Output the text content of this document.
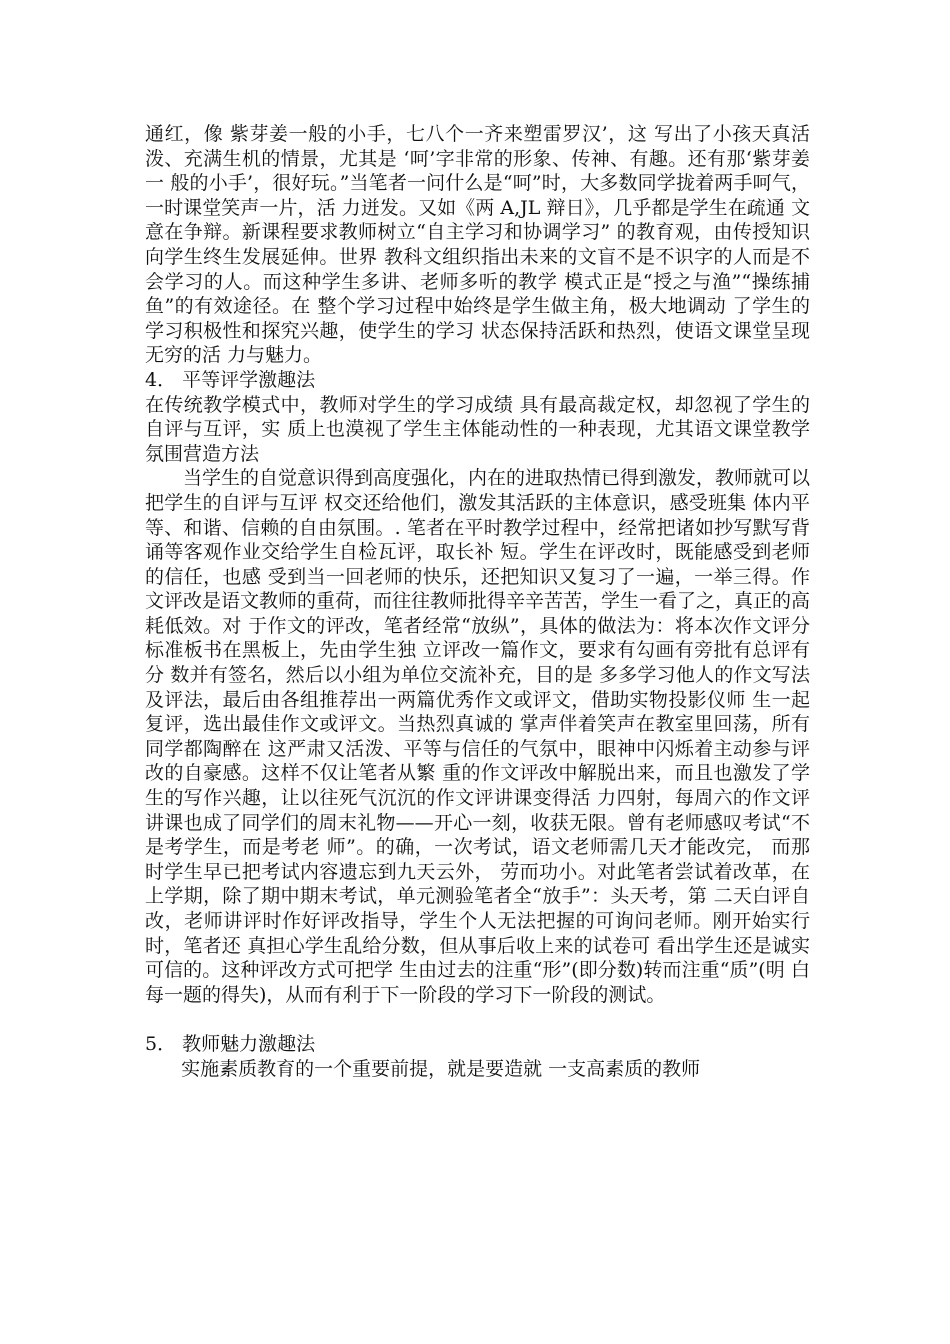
通红，像 紫芽姜一般的小手，七八个一齐来塑雷罗汉’，这 写出了小孩天真活泼、充满生机的情景，尤其是 ‘呵’字非常的形象、传神、有趣。还有那‘紫芽姜一 般的小手’，很好玩。”当笔者一问什么是“呵”时，大多数同学拢着两手呵气，一时课堂笑声一片，活 力迸发。又如《两 A,JL 辩日》，几乎都是学生在疏通 文意在争辩。新课程要求教师树立“自主学习和协调学习” 的教育观，由传授知识向学生终生发展延伸。世界 教科文组织指出未来的文盲不是不识字的人而是不会学习的人。而这种学生多讲、老师多听的教学 模式正是“授之与渔”“操练捕鱼”的有效途径。在 整个学习过程中始终是学生做主角，极大地调动 了学生的学习积极性和探究兴趣，使学生的学习 状态保持活跃和热烈，使语文课堂呈现无穷的活 力与魅力。

4． 平等评学激趣法

在传统教学模式中，教师对学生的学习成绩 具有最高裁定权，却忽视了学生的自评与互评，实 质上也漠视了学生主体能动性的一种表现，尤其语文课堂教学氛围营造方法

当学生的自觉意识得到高度强化，内在的进取热情已得到激发，教师就可以把学生的自评与互评 权交还给他们，激发其活跃的主体意识，感受班集 体内平等、和谐、信赖的自由氛围。. 笔者在平时教学过程中，经常把诸如抄写默写背诵等客观作业交给学生自检瓦评，取长补 短。学生在评改时，既能感受到老师的信任，也感 受到当一回老师的快乐，还把知识又复习了一遍，一举三得。作文评改是语文教师的重荷，而往往教师批得辛辛苦苦，学生一看了之，真正的高耗低效。对 于作文的评改，笔者经常“放纵”，具体的做法为：将本次作文评分标准板书在黑板上，先由学生独 立评改一篇作文，要求有勾画有旁批有总评有分 数并有签名，然后以小组为单位交流补充，目的是 多多学习他人的作文写法及评法，最后由各组推荐出一两篇优秀作文或评文，借助实物投影仪师 生一起复评，选出最佳作文或评文。当热烈真诚的 掌声伴着笑声在教室里回荡，所有同学都陶醉在 这严肃又活泼、平等与信任的气氛中，眼神中闪烁着主动参与评改的自豪感。这样不仅让笔者从繁 重的作文评改中解脱出来，而且也激发了学生的写作兴趣，让以往死气沉沉的作文评讲课变得活 力四射，每周六的作文评讲课也成了同学们的周末礼物——开心一刻，收获无限。曾有老师感叹考试“不是考学生，而是考老 师”。的确，一次考试，语文老师需几天才能改完， 而那时学生早已把考试内容遗忘到九天云外， 劳而功小。对此笔者尝试着改革，在上学期，除了期中期末考试，单元测验笔者全“放手”：头天考，第 二天白评自改，老师讲评时作好评改指导，学生个人无法把握的可询问老师。刚开始实行时，笔者还 真担心学生乱给分数，但从事后收上来的试卷可 看出学生还是诚实可信的。这种评改方式可把学 生由过去的注重“形”(即分数)转而注重“质”(明 白每一题的得失)，从而有利于下一阶段的学习下一阶段的测试。

5． 教师魅力激趣法

实施素质教育的一个重要前提，就是要造就 一支高素质的教师
